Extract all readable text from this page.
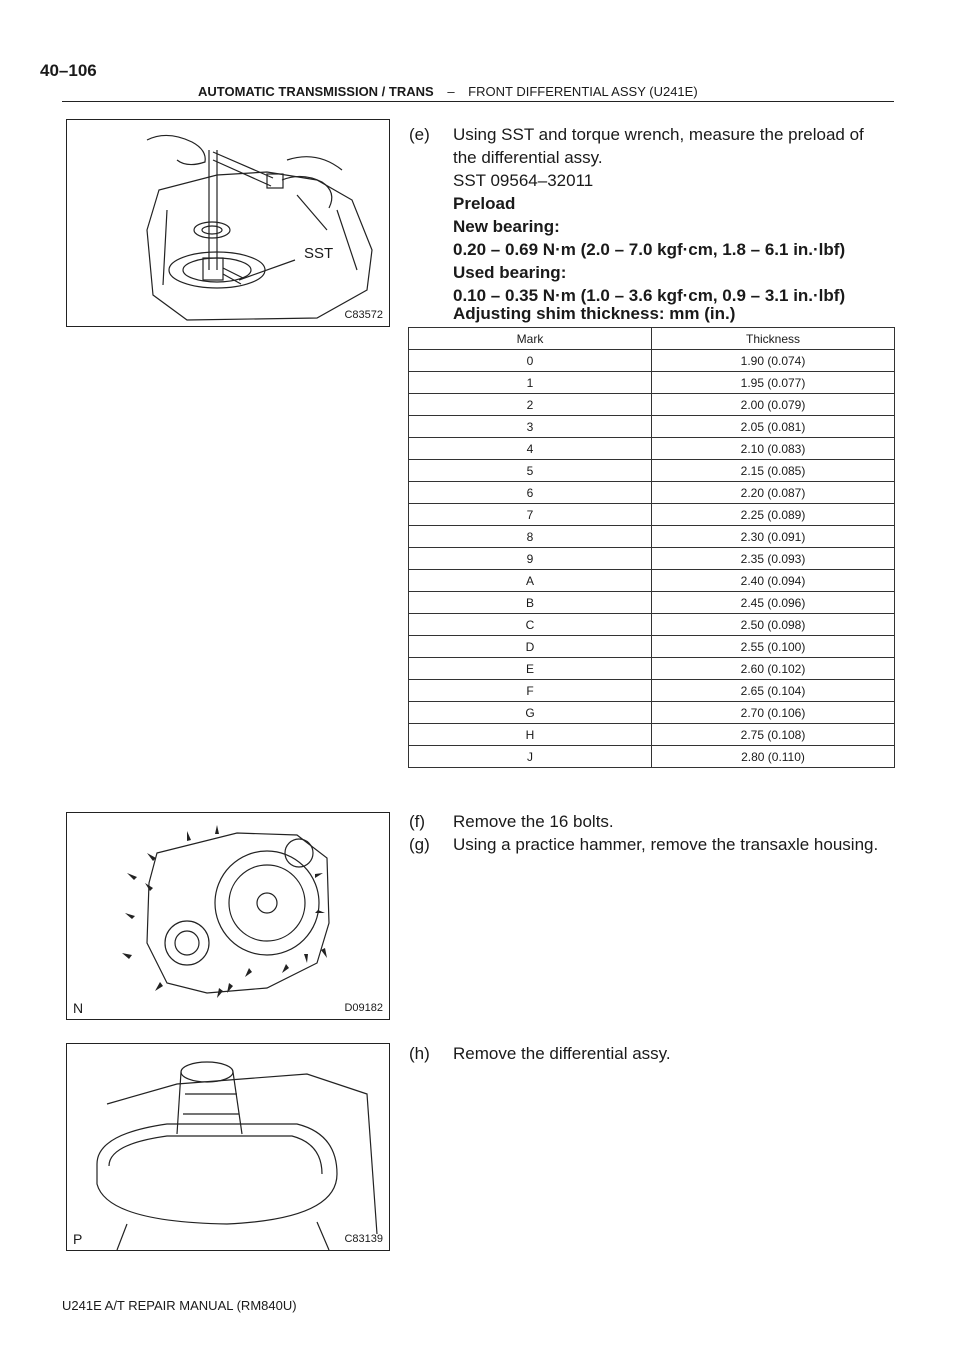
40–106
AUTOMATIC TRANSMISSION / TRANS – FRONT DIFFERENTIAL ASSY (U241E)
SST
C83572
(e) Using SST and torque wrench, measure the preload of
the differential assy.
SST 09564–32011
Preload
New bearing:
0.20 – 0.69 N·m (2.0 – 7.0 kgf·cm, 1.8 – 6.1 in.·lbf)
Used bearing:
0.10 – 0.35 N·m (1.0 – 3.6 kgf·cm, 0.9 – 3.1 in.·lbf)
Adjusting shim thickness: mm (in.)
Mark	Thickness
0	1.90 (0.074)
1	1.95 (0.077)
2	2.00 (0.079)
3	2.05 (0.081)
4	2.10 (0.083)
5	2.15 (0.085)
6	2.20 (0.087)
7	2.25 (0.089)
8	2.30 (0.091)
9	2.35 (0.093)
A	2.40 (0.094)
B	2.45 (0.096)
C	2.50 (0.098)
D	2.55 (0.100)
E	2.60 (0.102)
F	2.65 (0.104)
G	2.70 (0.106)
H	2.75 (0.108)
J	2.80 (0.110)
N	D09182
(f) Remove the 16 bolts.
(g) Using a practice hammer, remove the transaxle housing.
P	C83139
(h) Remove the differential assy.
U241E A/T REPAIR MANUAL (RM840U)
